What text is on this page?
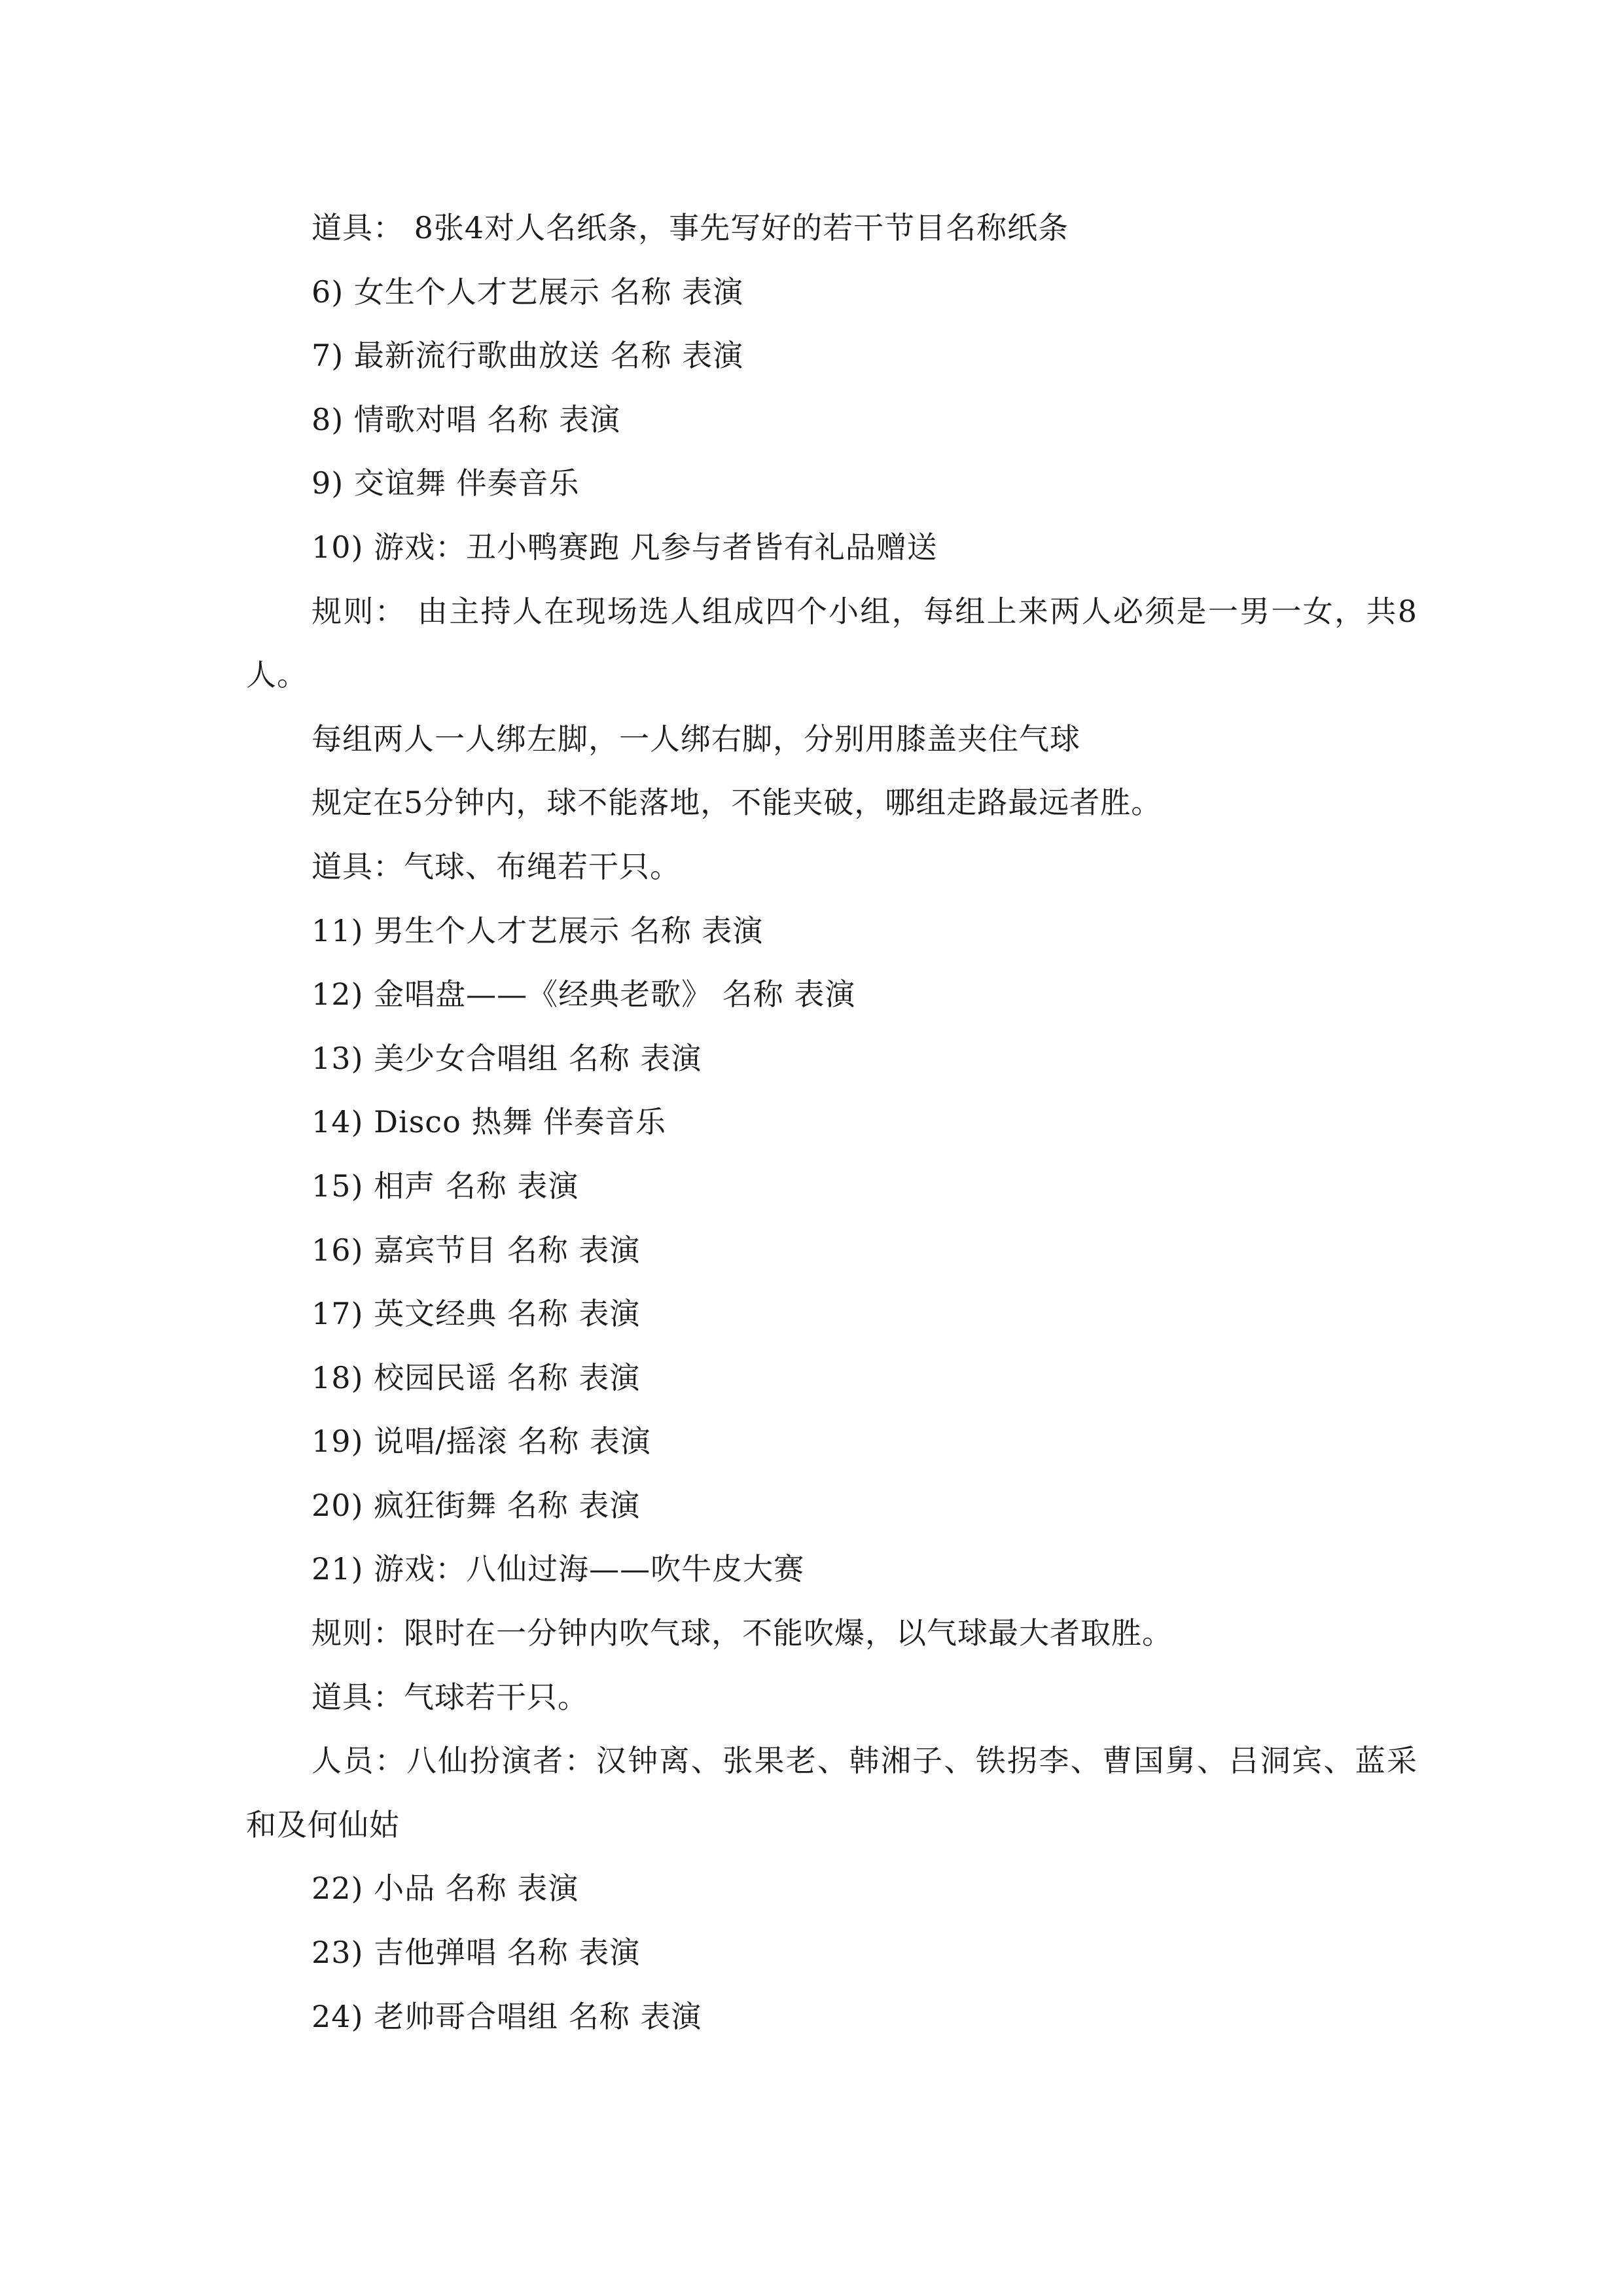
道具： 8张4对人名纸条，事先写好的若干节目名称纸条
6) 女生个人才艺展示 名称 表演
7) 最新流行歌曲放送 名称 表演
8) 情歌对唱 名称 表演
9) 交谊舞 伴奏音乐
10) 游戏：丑小鸭赛跑 凡参与者皆有礼品赠送
规则： 由主持人在现场选人组成四个小组，每组上来两人必须是一男一女，共8人。
每组两人一人绑左脚，一人绑右脚，分别用膝盖夹住气球
规定在5分钟内，球不能落地，不能夹破，哪组走路最远者胜。
道具：气球、布绳若干只。
11) 男生个人才艺展示 名称 表演
12) 金唱盘——《经典老歌》 名称 表演
13) 美少女合唱组 名称 表演
14) Disco 热舞 伴奏音乐
15) 相声 名称 表演
16) 嘉宾节目 名称 表演
17) 英文经典 名称 表演
18) 校园民谣 名称 表演
19) 说唱/摇滚 名称 表演
20) 疯狂街舞 名称 表演
21) 游戏：八仙过海——吹牛皮大赛
规则：限时在一分钟内吹气球，不能吹爆，以气球最大者取胜。
道具：气球若干只。
人员：八仙扮演者：汉钟离、张果老、韩湘子、铁拐李、曹国舅、吕洞宾、蓝采和及何仙姑
22) 小品 名称 表演
23) 吉他弹唱 名称 表演
24) 老帅哥合唱组 名称 表演
